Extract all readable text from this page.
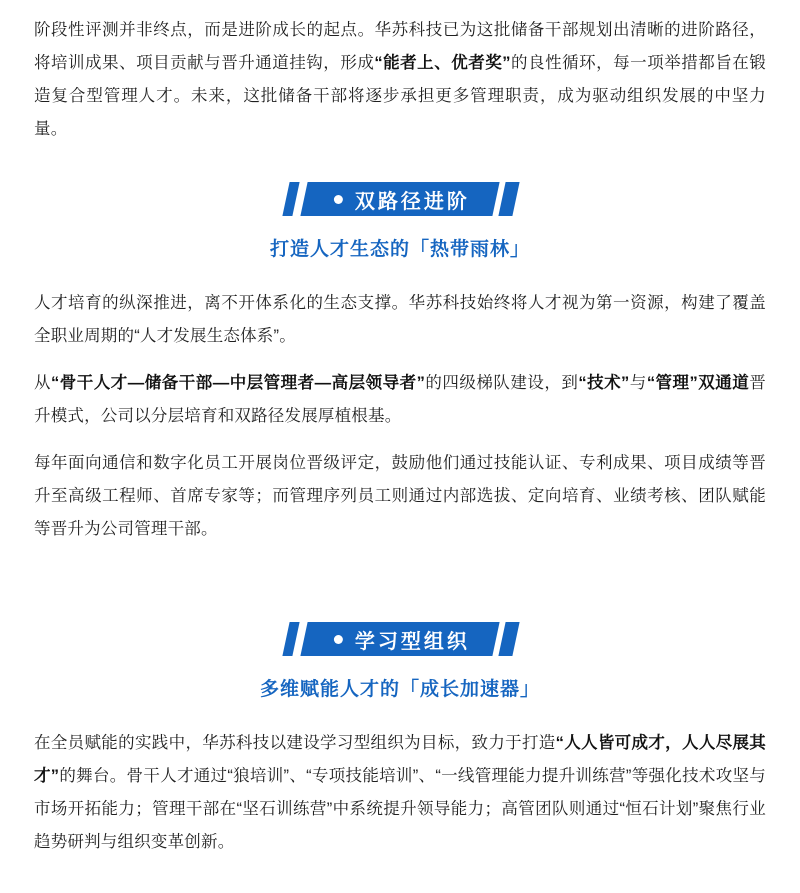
阶段性评测并非终点，而是进阶成长的起点。华苏科技已为这批储备干部规划出清晰的进阶路径，将培训成果、项目贡献与晋升通道挂钩，形成“能者上、优者奖”的良性循环，每一项举措都旨在锻造复合型管理人才。未来，这批储备干部将逐步承担更多管理职责，成为驱动组织发展的中坚力量。

双路径进阶
打造人才生态的「热带雨林」

人才培育的纵深推进，离不开体系化的生态支撑。华苏科技始终将人才视为第一资源，构建了覆盖全职业周期的“人才发展生态体系”。

从“骨干人才—储备干部—中层管理者—高层领导者”的四级梯队建设，到“技术”与“管理”双通道晋升模式，公司以分层培育和双路径发展厚植根基。

每年面向通信和数字化员工开展岗位晋级评定，鼓励他们通过技能认证、专利成果、项目成绩等晋升至高级工程师、首席专家等；而管理序列员工则通过内部选拔、定向培育、业绩考核、团队赋能等晋升为公司管理干部。

学习型组织
多维赋能人才的「成长加速器」

在全员赋能的实践中，华苏科技以建设学习型组织为目标，致力于打造“人人皆可成才，人人尽展其才”的舞台。骨干人才通过“狼培训”、“专项技能培训”、“一线管理能力提升训练营”等强化技术攻坚与市场开拓能力；管理干部在“坚石训练营”中系统提升领导能力；高管团队则通过“恒石计划”聚焦行业趋势研判与组织变革创新。
